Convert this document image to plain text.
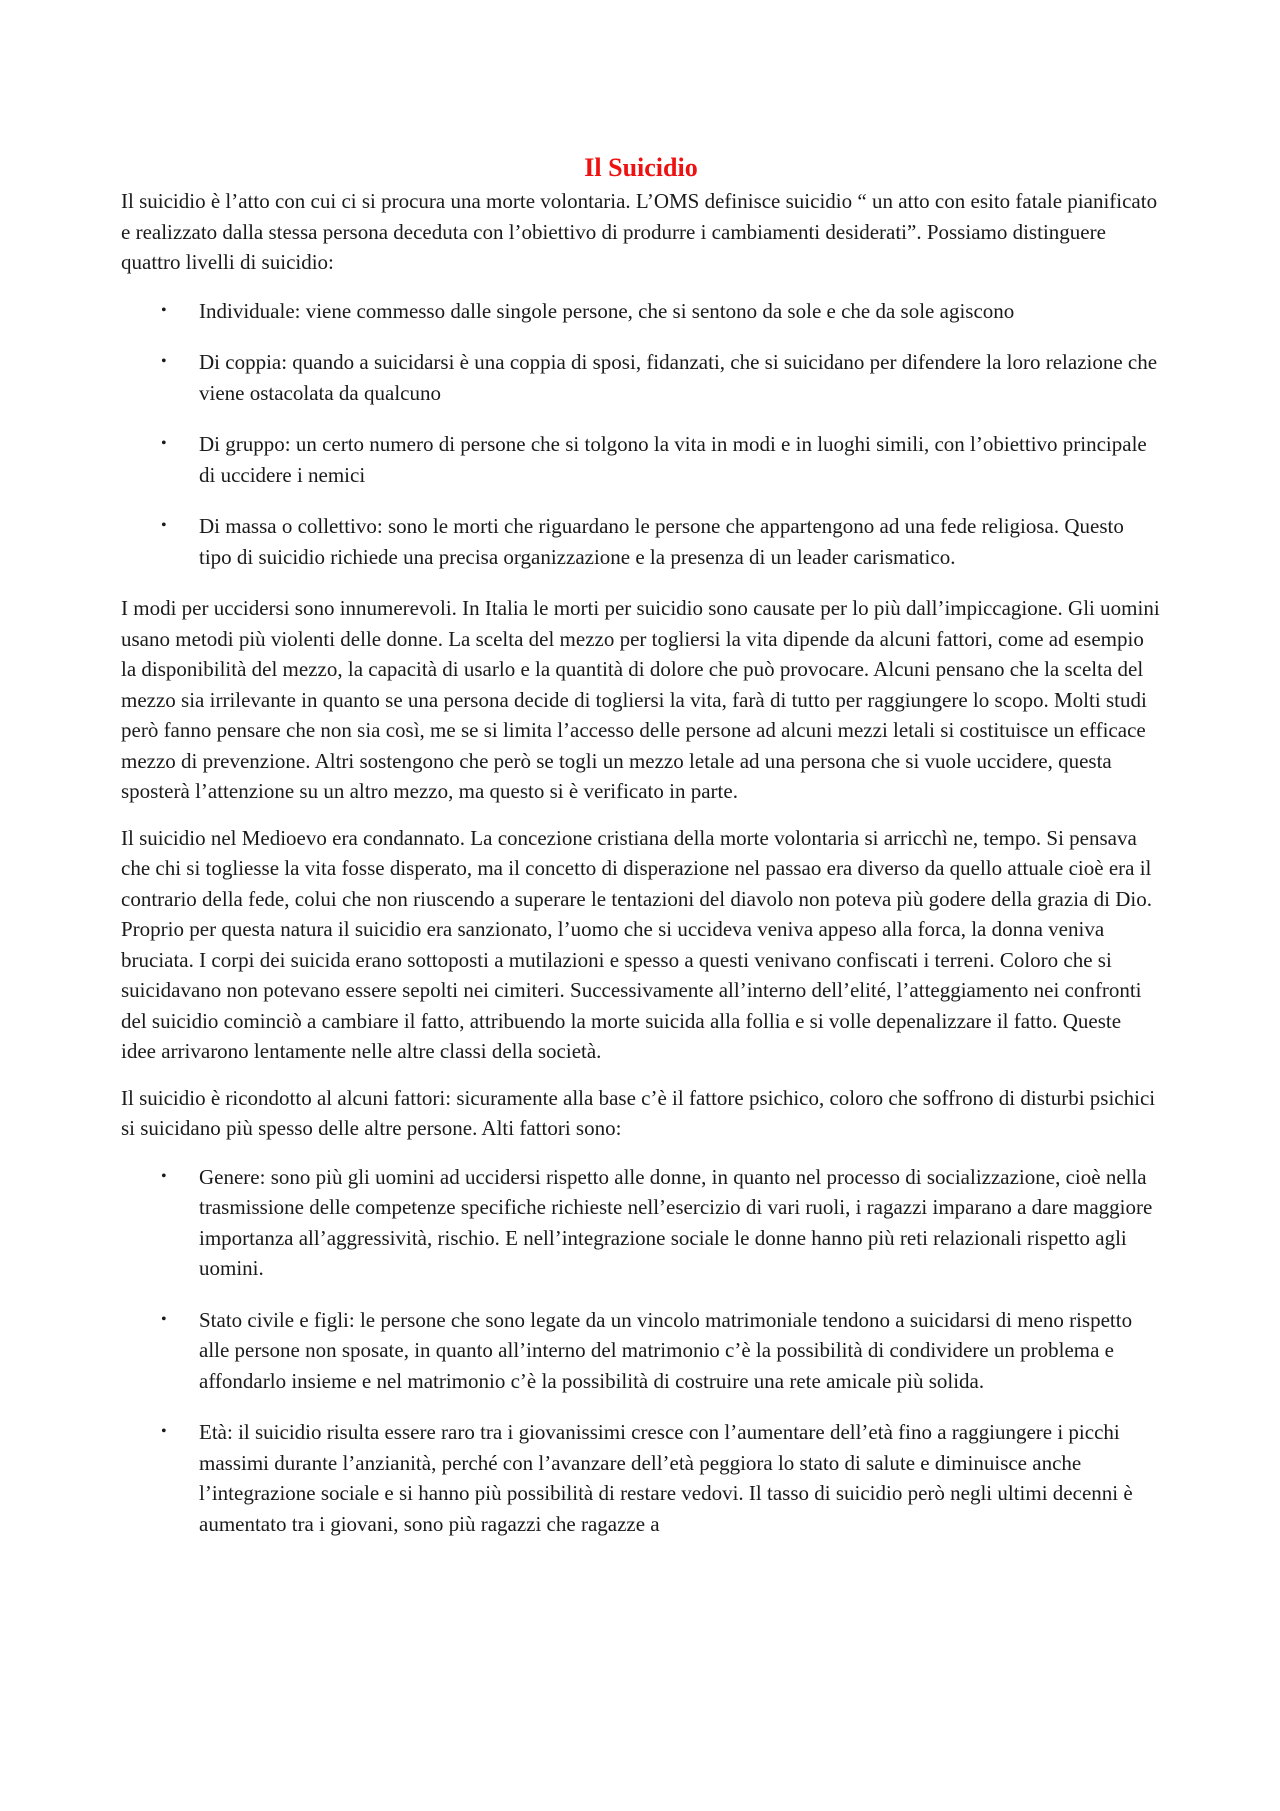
Il Suicidio

Il suicidio è l’atto con cui ci si procura una morte volontaria. L’OMS definisce suicidio “ un atto con esito fatale pianificato e realizzato dalla stessa persona deceduta con l’obiettivo di produrre i cambiamenti desiderati”. Possiamo distinguere quattro livelli di suicidio:

• Individuale: viene commesso dalle singole persone, che si sentono da sole e che da sole agiscono
• Di coppia: quando a suicidarsi è una coppia di sposi, fidanzati, che si suicidano per difendere la loro relazione che viene ostacolata da qualcuno
• Di gruppo: un certo numero di persone che si tolgono la vita in modi e in luoghi simili, con l’obiettivo principale di uccidere i nemici
• Di massa o collettivo: sono le morti che riguardano le persone che appartengono ad una fede religiosa. Questo tipo di suicidio richiede una precisa organizzazione e la presenza di un leader carismatico.

I modi per uccidersi sono innumerevoli. In Italia le morti per suicidio sono causate per lo più dall’impiccagione. Gli uomini usano metodi più violenti delle donne. La scelta del mezzo per togliersi la vita dipende da alcuni fattori, come ad esempio la disponibilità del mezzo, la capacità di usarlo e la quantità di dolore che può provocare. Alcuni pensano che la scelta del mezzo sia irrilevante in quanto se una persona decide di togliersi la vita, farà di tutto per raggiungere lo scopo. Molti studi però fanno pensare che non sia così, me se si limita l’accesso delle persone ad alcuni mezzi letali si costituisce un efficace mezzo di prevenzione. Altri sostengono che però se togli un mezzo letale ad una persona che si vuole uccidere, questa sposterà l’attenzione su un altro mezzo, ma questo si è verificato in parte.

Il suicidio nel Medioevo era condannato. La concezione cristiana della morte volontaria si arricchì ne, tempo. Si pensava che chi si togliesse la vita fosse disperato, ma il concetto di disperazione nel passao era diverso da quello attuale cioè era il contrario della fede, colui che non riuscendo a superare le tentazioni del diavolo non poteva più godere della grazia di Dio. Proprio per questa natura il suicidio era sanzionato, l’uomo che si uccideva veniva appeso alla forca, la donna veniva bruciata. I corpi dei suicida erano sottoposti a mutilazioni e spesso a questi venivano confiscati i terreni. Coloro che si suicidavano non potevano essere sepolti nei cimiteri. Successivamente all’interno dell’elité, l’atteggiamento nei confronti del suicidio cominciò a cambiare il fatto, attribuendo la morte suicida alla follia e si volle depenalizzare il fatto. Queste idee arrivarono lentamente nelle altre classi della società.

Il suicidio è ricondotto al alcuni fattori: sicuramente alla base c’è il fattore psichico, coloro che soffrono di disturbi psichici si suicidano più spesso delle altre persone. Alti fattori sono:

• Genere: sono più gli uomini ad uccidersi rispetto alle donne, in quanto nel processo di socializzazione, cioè nella trasmissione delle competenze specifiche richieste nell’esercizio di vari ruoli, i ragazzi imparano a dare maggiore importanza all’aggressività, rischio. E nell’integrazione sociale le donne hanno più reti relazionali rispetto agli uomini.
• Stato civile e figli: le persone che sono legate da un vincolo matrimoniale tendono a suicidarsi di meno rispetto alle persone non sposate, in quanto all’interno del matrimonio c’è la possibilità di condividere un problema e affondarlo insieme e nel matrimonio c’è la possibilità di costruire una rete amicale più solida.
• Età: il suicidio risulta essere raro tra i giovanissimi cresce con l’aumentare dell’età fino a raggiungere i picchi massimi durante l’anzianità, perché con l’avanzare dell’età peggiora lo stato di salute e diminuisce anche l’integrazione sociale e si hanno più possibilità di restare vedovi. Il tasso di suicidio però negli ultimi decenni è aumentato tra i giovani, sono più ragazzi che ragazze a
